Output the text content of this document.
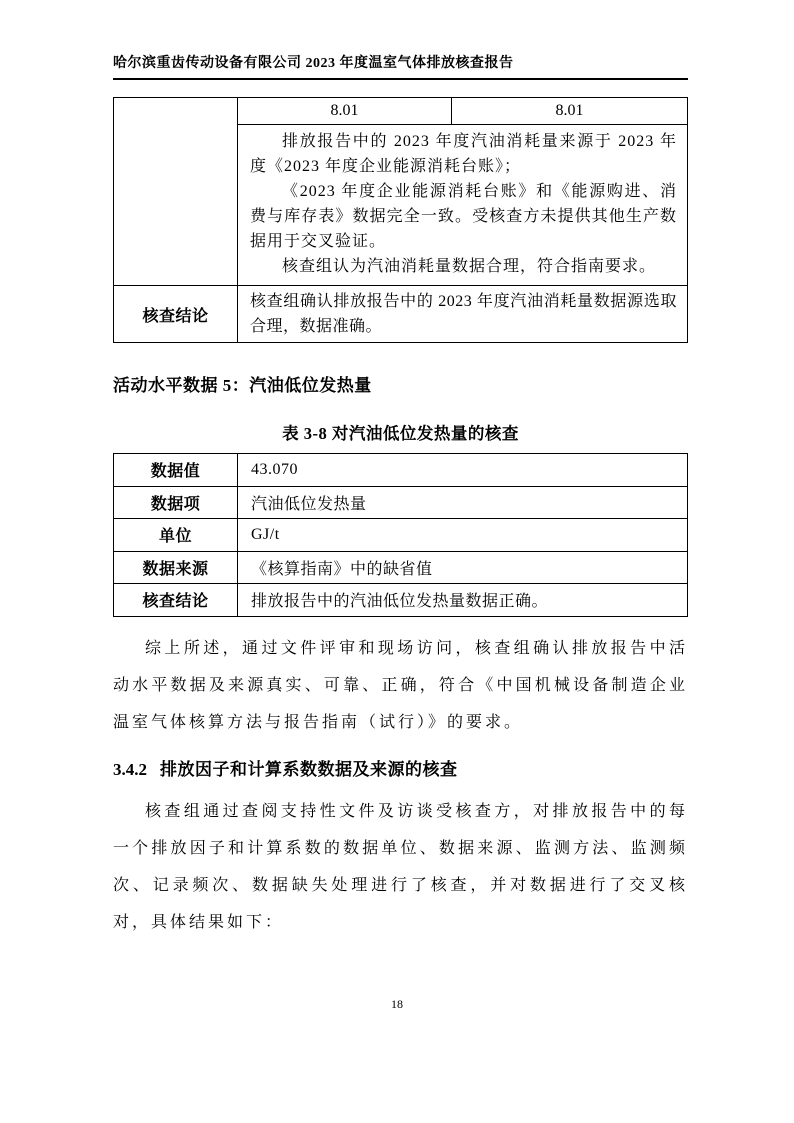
哈尔滨重齿传动设备有限公司 2023 年度温室气体排放核查报告
	8.01	8.01

	排放报告中的 2023 年度汽油消耗量来源于 2023 年度《2023 年度企业能源消耗台账》；

《2023 年度企业能源消耗台账》和《能源购进、消费与库存表》数据完全一致。受核查方未提供其他生产数据用于交叉验证。

核查组认为汽油消耗量数据合理，符合指南要求。	

核查结论	核查组确认排放报告中的 2023 年度汽油消耗量数据源选取合理，数据准确。	
活动水平数据 5：汽油低位发热量
表 3-8 对汽油低位发热量的核查
数据值	43.070
数据项	汽油低位发热量
单位	GJ/t
数据来源	《核算指南》中的缺省值
核查结论	排放报告中的汽油低位发热量数据正确。

综上所述，通过文件评审和现场访问，核查组确认排放报告中活动水平数据及来源真实、可靠、正确，符合《中国机械设备制造企业温室气体核算方法与报告指南（试行）》的要求。

3.4.2 排放因子和计算系数数据及来源的核查

核查组通过查阅支持性文件及访谈受核查方，对排放报告中的每一个排放因子和计算系数的数据单位、数据来源、监测方法、监测频次、记录频次、数据缺失处理进行了核查，并对数据进行了交叉核对，具体结果如下：

18
